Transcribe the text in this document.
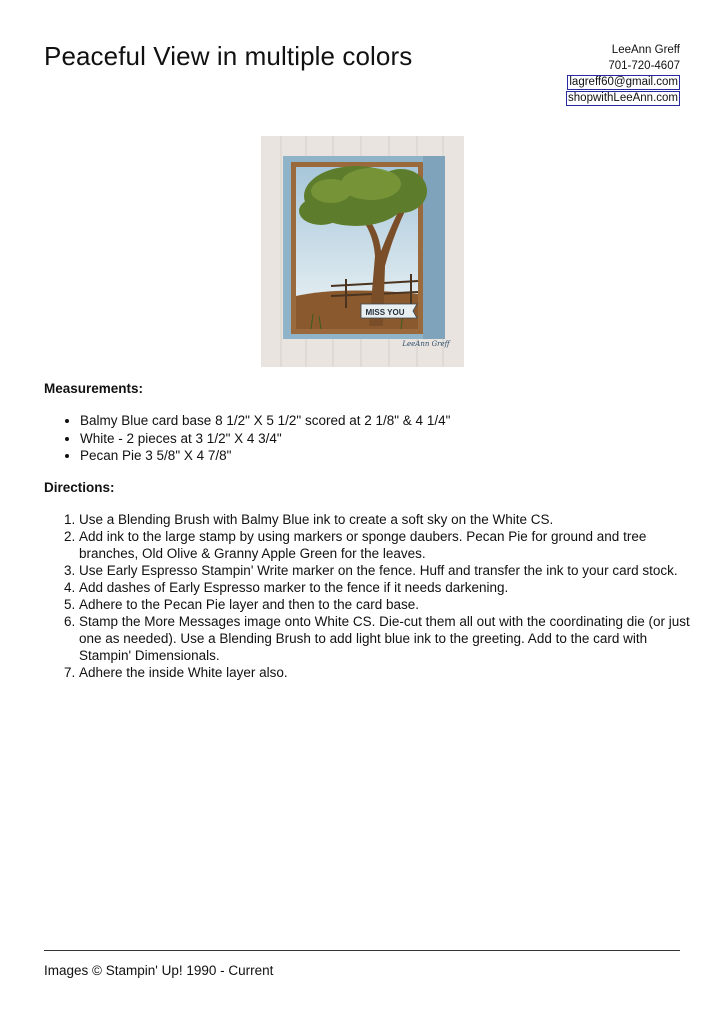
Peaceful View in multiple colors	LeeAnn Greff
701-720-4607
lagreff60@gmail.com
shopwithLeeAnn.com
MISS YOU
LeeAnn Greff
Measurements:
• Balmy Blue card base 8 1/2" X 5 1/2" scored at 2 1/8" & 4 1/4"
• White - 2 pieces at 3 1/2" X 4 3/4"
• Pecan Pie 3 5/8" X 4 7/8"
Directions:
1. Use a Blending Brush with Balmy Blue ink to create a soft sky on the White CS.
2. Add ink to the large stamp by using markers or sponge daubers. Pecan Pie for ground and tree branches, Old Olive & Granny Apple Green for the leaves.
3. Use Early Espresso Stampin' Write marker on the fence. Huff and transfer the ink to your card stock.
4. Add dashes of Early Espresso marker to the fence if it needs darkening.
5. Adhere to the Pecan Pie layer and then to the card base.
6. Stamp the More Messages image onto White CS. Die-cut them all out with the coordinating die (or just one as needed). Use a Blending Brush to add light blue ink to the greeting. Add to the card with Stampin' Dimensionals.
7. Adhere the inside White layer also.
Images © Stampin' Up! 1990 - Current
